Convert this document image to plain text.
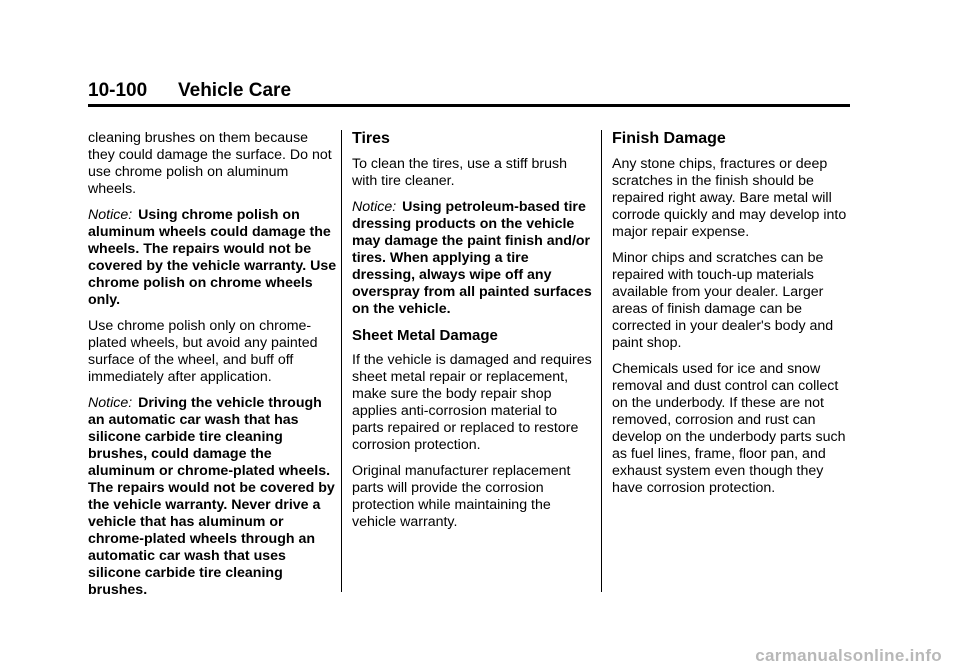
10-100 Vehicle Care

cleaning brushes on them because they could damage the surface. Do not use chrome polish on aluminum wheels.

Notice: Using chrome polish on aluminum wheels could damage the wheels. The repairs would not be covered by the vehicle warranty. Use chrome polish on chrome wheels only.

Use chrome polish only on chrome-plated wheels, but avoid any painted surface of the wheel, and buff off immediately after application.

Notice: Driving the vehicle through an automatic car wash that has silicone carbide tire cleaning brushes, could damage the aluminum or chrome-plated wheels. The repairs would not be covered by the vehicle warranty. Never drive a vehicle that has aluminum or chrome-plated wheels through an automatic car wash that uses silicone carbide tire cleaning brushes.

Tires

To clean the tires, use a stiff brush with tire cleaner.

Notice: Using petroleum-based tire dressing products on the vehicle may damage the paint finish and/or tires. When applying a tire dressing, always wipe off any overspray from all painted surfaces on the vehicle.

Sheet Metal Damage

If the vehicle is damaged and requires sheet metal repair or replacement, make sure the body repair shop applies anti-corrosion material to parts repaired or replaced to restore corrosion protection.

Original manufacturer replacement parts will provide the corrosion protection while maintaining the vehicle warranty.

Finish Damage

Any stone chips, fractures or deep scratches in the finish should be repaired right away. Bare metal will corrode quickly and may develop into major repair expense.

Minor chips and scratches can be repaired with touch-up materials available from your dealer. Larger areas of finish damage can be corrected in your dealer's body and paint shop.

Chemicals used for ice and snow removal and dust control can collect on the underbody. If these are not removed, corrosion and rust can develop on the underbody parts such as fuel lines, frame, floor pan, and exhaust system even though they have corrosion protection.

carmanualsonline.info
